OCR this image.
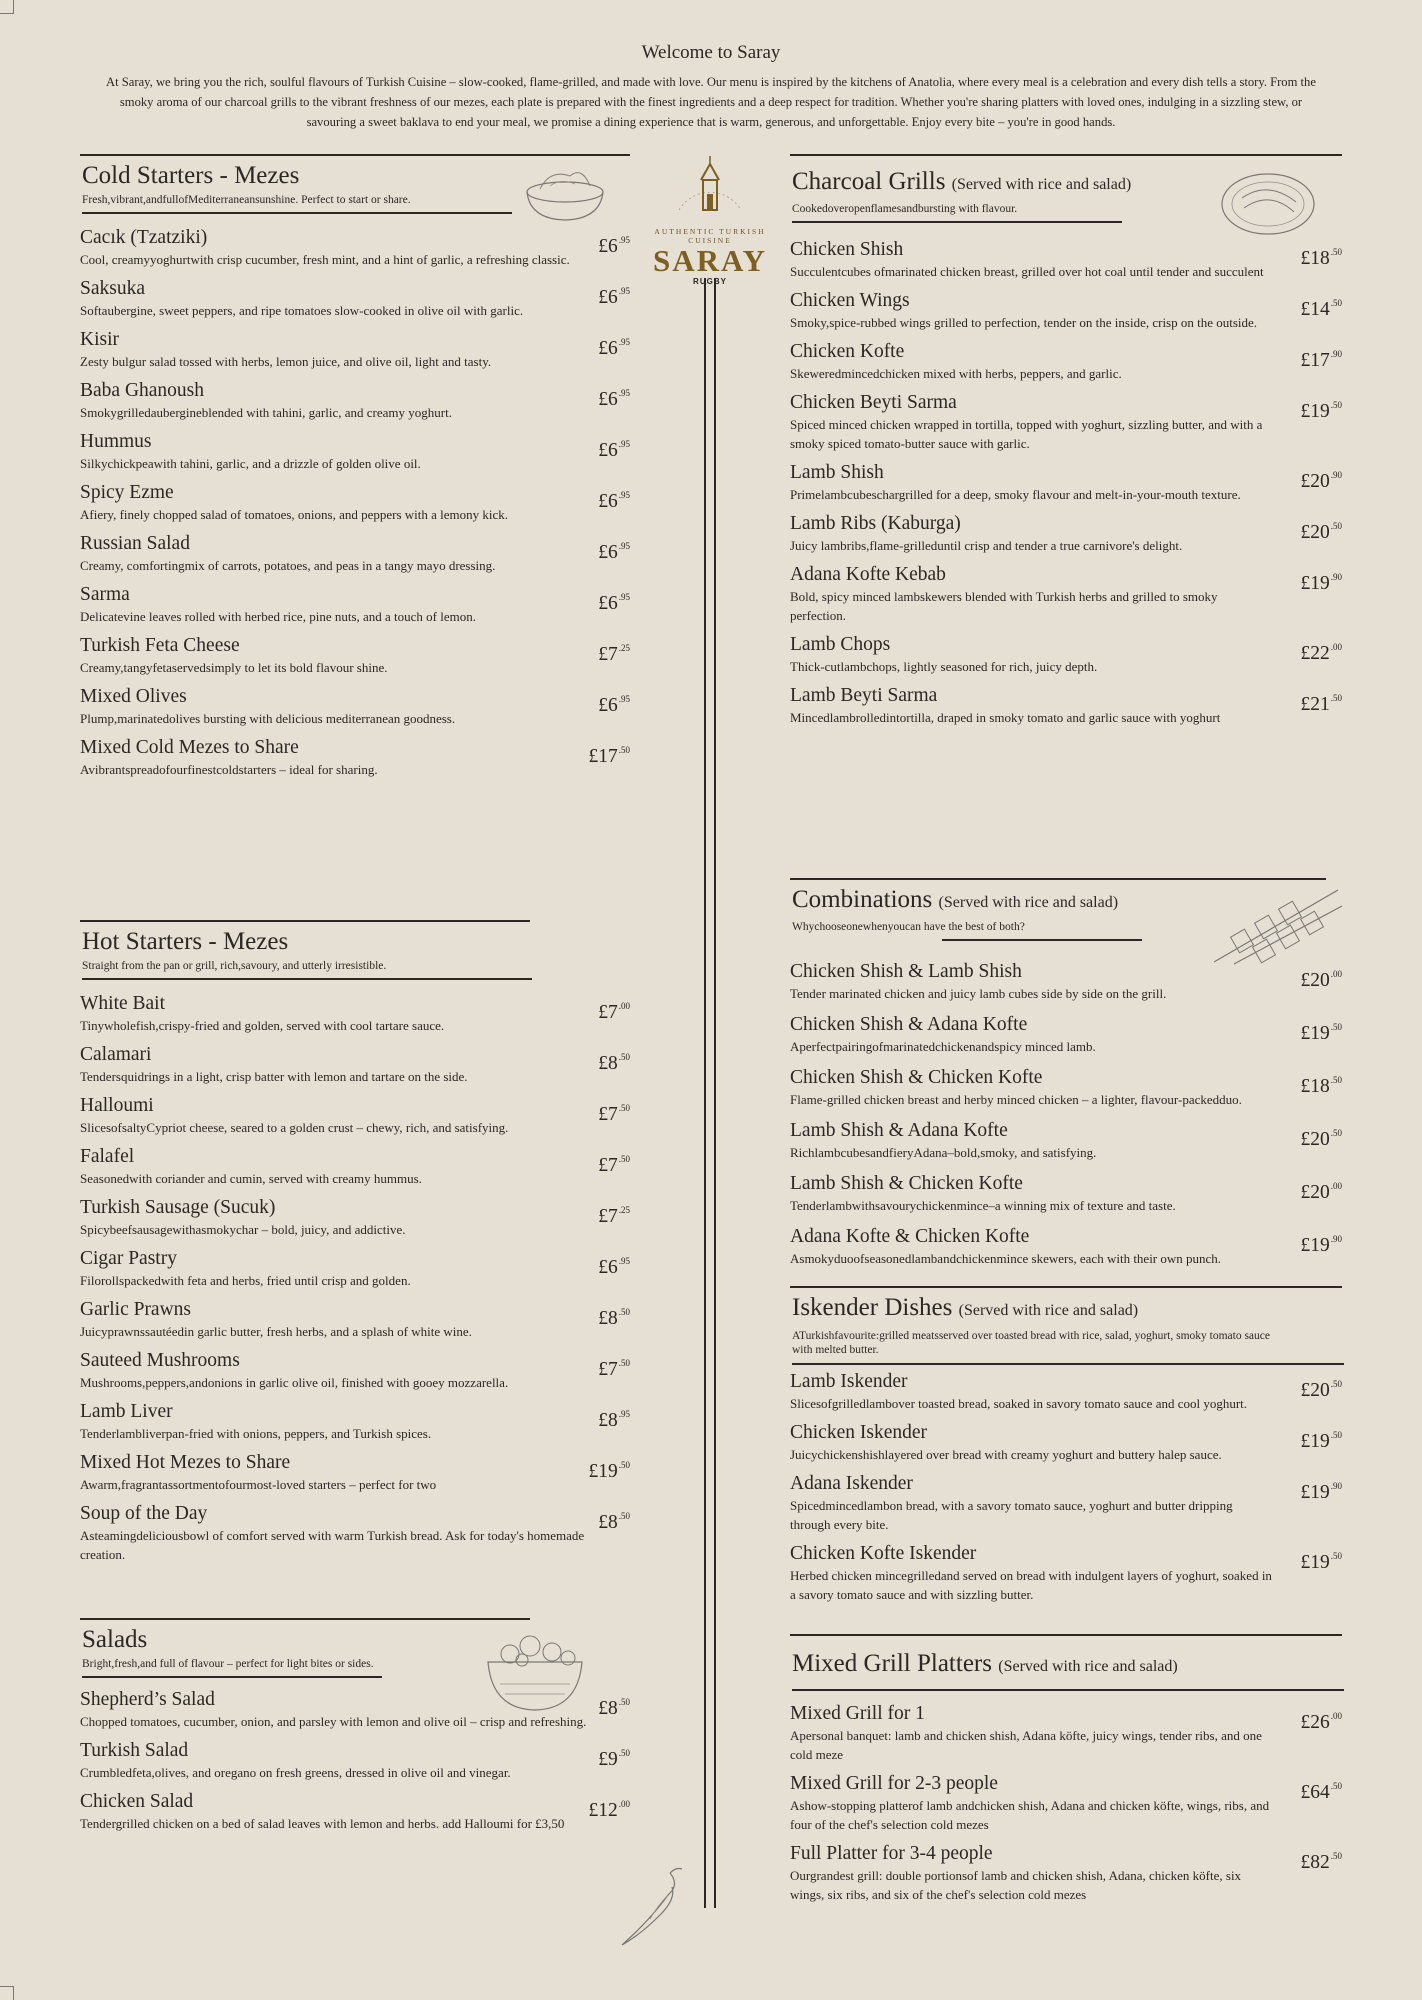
Welcome to Saray
At Saray, we bring you the rich, soulful flavours of Turkish Cuisine – slow-cooked, flame-grilled, and made with love. Our menu is inspired by the kitchens of Anatolia, where every meal is a celebration and every dish tells a story. From the smoky aroma of our charcoal grills to the vibrant freshness of our mezes, each plate is prepared with the finest ingredients and a deep respect for tradition. Whether you're sharing platters with loved ones, indulging in a sizzling stew, or savouring a sweet baklava to end your meal, we promise a dining experience that is warm, generous, and unforgettable. Enjoy every bite – you're in good hands.
Cold Starters - Mezes
Fresh,vibrant,andfullofMediterraneansunshine. Perfect to start or share.
Cacık (Tzatziki)
Cool, creamyyoghurtwith crisp cucumber, fresh mint, and a hint of garlic, a refreshing classic.
$£6^{.95}$
Saksuka
Softaubergine, sweet peppers, and ripe tomatoes slow-cooked in olive oil with garlic.
$£6^{.95}$
Kisir
Zesty bulgur salad tossed with herbs, lemon juice, and olive oil, light and tasty.
$£6^{.95}$
Baba Ghanoush
Smokygrilledauberginеblended with tahini, garlic, and creamy yoghurt.
$£6^{.95}$
Hummus
Silkychickpeawith tahini, garlic, and a drizzle of golden olive oil.
$£6^{.95}$
Spicy Ezme
Afiery, finely chopped salad of tomatoes, onions, and peppers with a lemony kick.
$£6^{.95}$
Russian Salad
Creamy, comfortingmix of carrots, potatoes, and peas in a tangy mayo dressing.
$£6^{.95}$
Sarma
Delicatevine leaves rolled with herbed rice, pine nuts, and a touch of lemon.
$£6^{.95}$
Turkish Feta Cheese
Creamy,tangyfetaservedsimply to let its bold flavour shine.
$£7^{.25}$
Mixed Olives
Plump,marinatedolives bursting with delicious mediterranean goodness.
$£6^{.95}$
Mixed Cold Mezes to Share
Avibrantspreadofourfinestcoldstarters – ideal for sharing.
$£17^{.50}$
Hot Starters - Mezes
Straight from the pan or grill, rich,savoury, and utterly irresistible.
White Bait
Tinywholefish,crispy-fried and golden, served with cool tartare sauce.
$£7^{.00}$
Calamari
Tendersquidrings in a light, crisp batter with lemon and tartare on the side.
$£8^{.50}$
Halloumi
SlicesofsaltyCypriot cheese, seared to a golden crust – chewy, rich, and satisfying.
$£7^{.50}$
Falafel
Seasonedwith coriander and cumin, served with creamy hummus.
$£7^{.50}$
Turkish Sausage (Sucuk)
Spicybeefsausagewithasmokychar – bold, juicy, and addictive.
$£7^{.25}$
Cigar Pastry
Filorollspackedwith feta and herbs, fried until crisp and golden.
$£6^{.95}$
Garlic Prawns
Juicyprawnssautéedin garlic butter, fresh herbs, and a splash of white wine.
$£8^{.50}$
Sauteed Mushrooms
Mushrooms,peppers,andonions in garlic olive oil, finished with gooey mozzarella.
$£7^{.50}$
Lamb Liver
Tenderlambliverpan-fried with onions, peppers, and Turkish spices.
$£8^{.95}$
Mixed Hot Mezes to Share
Awarm,fragrantassortmentofourmost-loved starters – perfect for two
$£19^{.50}$
Soup of the Day
Asteamingdeliciousbowl of comfort served with warm Turkish bread. Ask for today's homemade creation.
$£8^{.50}$
Salads
Bright,fresh,and full of flavour – perfect for light bites or sides.
Shepherd’s Salad
Chopped tomatoes, cucumber, onion, and parsley with lemon and olive oil – crisp and refreshing.
$£8^{.50}$
Turkish Salad
Crumbledfeta,olives, and oregano on fresh greens, dressed in olive oil and vinegar.
$£9^{.50}$
Chicken Salad
Tendergrilled chicken on a bed of salad leaves with lemon and herbs. add Halloumi for £3,50
$£12^{.00}$
AUTHENTIC TURKISH CUISINE
SARAY
RUGBY
Charcoal Grills (Served with rice and salad)
Cookedoveropenflamesandbursting with flavour.
Chicken Shish
Succulentcubes ofmarinated chicken breast, grilled over hot coal until tender and succulent
$£18^{.50}$
Chicken Wings
Smoky,spice-rubbed wings grilled to perfection, tender on the inside, crisp on the outside.
$£14^{.50}$
Chicken Kofte
Skeweredmincedchicken mixed with herbs, peppers, and garlic.
$£17^{.90}$
Chicken Beyti Sarma
Spiced minced chicken wrapped in tortilla, topped with yoghurt, sizzling butter, and with a smoky spiced tomato-butter sauce with garlic.
$£19^{.50}$
Lamb Shish
Primelambcubeschargrilled for a deep, smoky flavour and melt-in-your-mouth texture.
$£20^{.90}$
Lamb Ribs (Kaburga)
Juicy lambribs,flame-grilleduntil crisp and tender a true carnivore's delight.
$£20^{.50}$
Adana Kofte Kebab
Bold, spicy minced lambskewers blended with Turkish herbs and grilled to smoky perfection.
$£19^{.90}$
Lamb Chops
Thick-cutlambchops, lightly seasoned for rich, juicy depth.
$£22^{.00}$
Lamb Beyti Sarma
Mincedlambrolledintortilla, draped in smoky tomato and garlic sauce with yoghurt
$£21^{.50}$
Combinations (Served with rice and salad)
Whychooseonewhenyoucan have the best of both?
Chicken Shish & Lamb Shish
Tender marinated chicken and juicy lamb cubes side by side on the grill.
$£20^{.00}$
Chicken Shish & Adana Kofte
Aperfectpairingofmarinatedchickenandspicy minced lamb.
$£19^{.50}$
Chicken Shish & Chicken Kofte
Flame-grilled chicken breast and herby minced chicken – a lighter, flavour-packedduo.
$£18^{.50}$
Lamb Shish & Adana Kofte
RichlambcubesandfieryAdana–bold,smoky, and satisfying.
$£20^{.50}$
Lamb Shish & Chicken Kofte
Tenderlambwithsavourychickenmince–a winning mix of texture and taste.
$£20^{.00}$
Adana Kofte & Chicken Kofte
Asmokyduoofseasonedlambandchickenmince skewers, each with their own punch.
$£19^{.90}$
Iskender Dishes (Served with rice and salad)
ATurkishfavourite:grilled meatsserved over toasted bread with rice, salad, yoghurt, smoky tomato sauce with melted butter.
Lamb Iskender
Slicesofgrilledlambover toasted bread, soaked in savory tomato sauce and cool yoghurt.
$£20^{.50}$
Chicken Iskender
Juicychickenshishlayered over bread with creamy yoghurt and buttery halep sauce.
$£19^{.50}$
Adana Iskender
Spicedmincedlambon bread, with a savory tomato sauce, yoghurt and butter dripping through every bite.
$£19^{.90}$
Chicken Kofte Iskender
Herbed chicken mincegrilledand served on bread with indulgent layers of yoghurt, soaked in a savory tomato sauce and with sizzling butter.
$£19^{.50}$
Mixed Grill Platters (Served with rice and salad)
Mixed Grill for 1
Apersonal banquet: lamb and chicken shish, Adana köfte, juicy wings, tender ribs, and one cold meze
$£26^{.00}$
Mixed Grill for 2-3 people
Ashow-stopping platterof lamb andchicken shish, Adana and chicken köfte, wings, ribs, and four of the chef's selection cold mezes
$£64^{.50}$
Full Platter for 3-4 people
Ourgrandest grill: double portionsof lamb and chicken shish, Adana, chicken köfte, six wings, six ribs, and six of the chef's selection cold mezes
$£82^{.50}$
